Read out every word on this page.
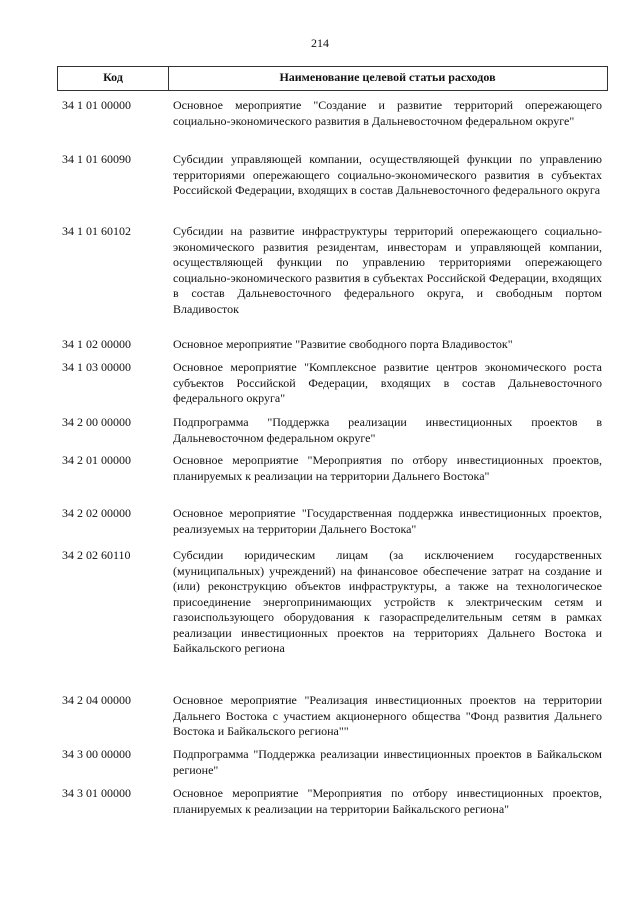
214
Код	Наименование целевой статьи расходов
34 1 01 00000	Основное мероприятие "Создание и развитие территорий опережающего социально-экономического развития в Дальневосточном федеральном округе"
34 1 01 60090	Субсидии управляющей компании, осуществляющей функции по управлению территориями опережающего социально-экономического развития в субъектах Российской Федерации, входящих в состав Дальневосточного федерального округа
34 1 01 60102	Субсидии на развитие инфраструктуры территорий опережающего социально-экономического развития резидентам, инвесторам и управляющей компании, осуществляющей функции по управлению территориями опережающего социально-экономического развития в субъектах Российской Федерации, входящих в состав Дальневосточного федерального округа, и свободным портом Владивосток
34 1 02 00000	Основное мероприятие "Развитие свободного порта Владивосток"
34 1 03 00000	Основное мероприятие "Комплексное развитие центров экономического роста субъектов Российской Федерации, входящих в состав Дальневосточного федерального округа"
34 2 00 00000	Подпрограмма "Поддержка реализации инвестиционных проектов в Дальневосточном федеральном округе"
34 2 01 00000	Основное мероприятие "Мероприятия по отбору инвестиционных проектов, планируемых к реализации на территории Дальнего Востока"
34 2 02 00000	Основное мероприятие "Государственная поддержка инвестиционных проектов, реализуемых на территории Дальнего Востока"
34 2 02 60110	Субсидии юридическим лицам (за исключением государственных (муниципальных) учреждений) на финансовое обеспечение затрат на создание и (или) реконструкцию объектов инфраструктуры, а также на технологическое присоединение энергопринимающих устройств к электрическим сетям и газоиспользующего оборудования к газораспределительным сетям в рамках реализации инвестиционных проектов на территориях Дальнего Востока и Байкальского региона
34 2 04 00000	Основное мероприятие "Реализация инвестиционных проектов на территории Дальнего Востока с участием акционерного общества "Фонд развития Дальнего Востока и Байкальского региона""
34 3 00 00000	Подпрограмма "Поддержка реализации инвестиционных проектов в Байкальском регионе"
34 3 01 00000	Основное мероприятие "Мероприятия по отбору инвестиционных проектов, планируемых к реализации на территории Байкальского региона"
